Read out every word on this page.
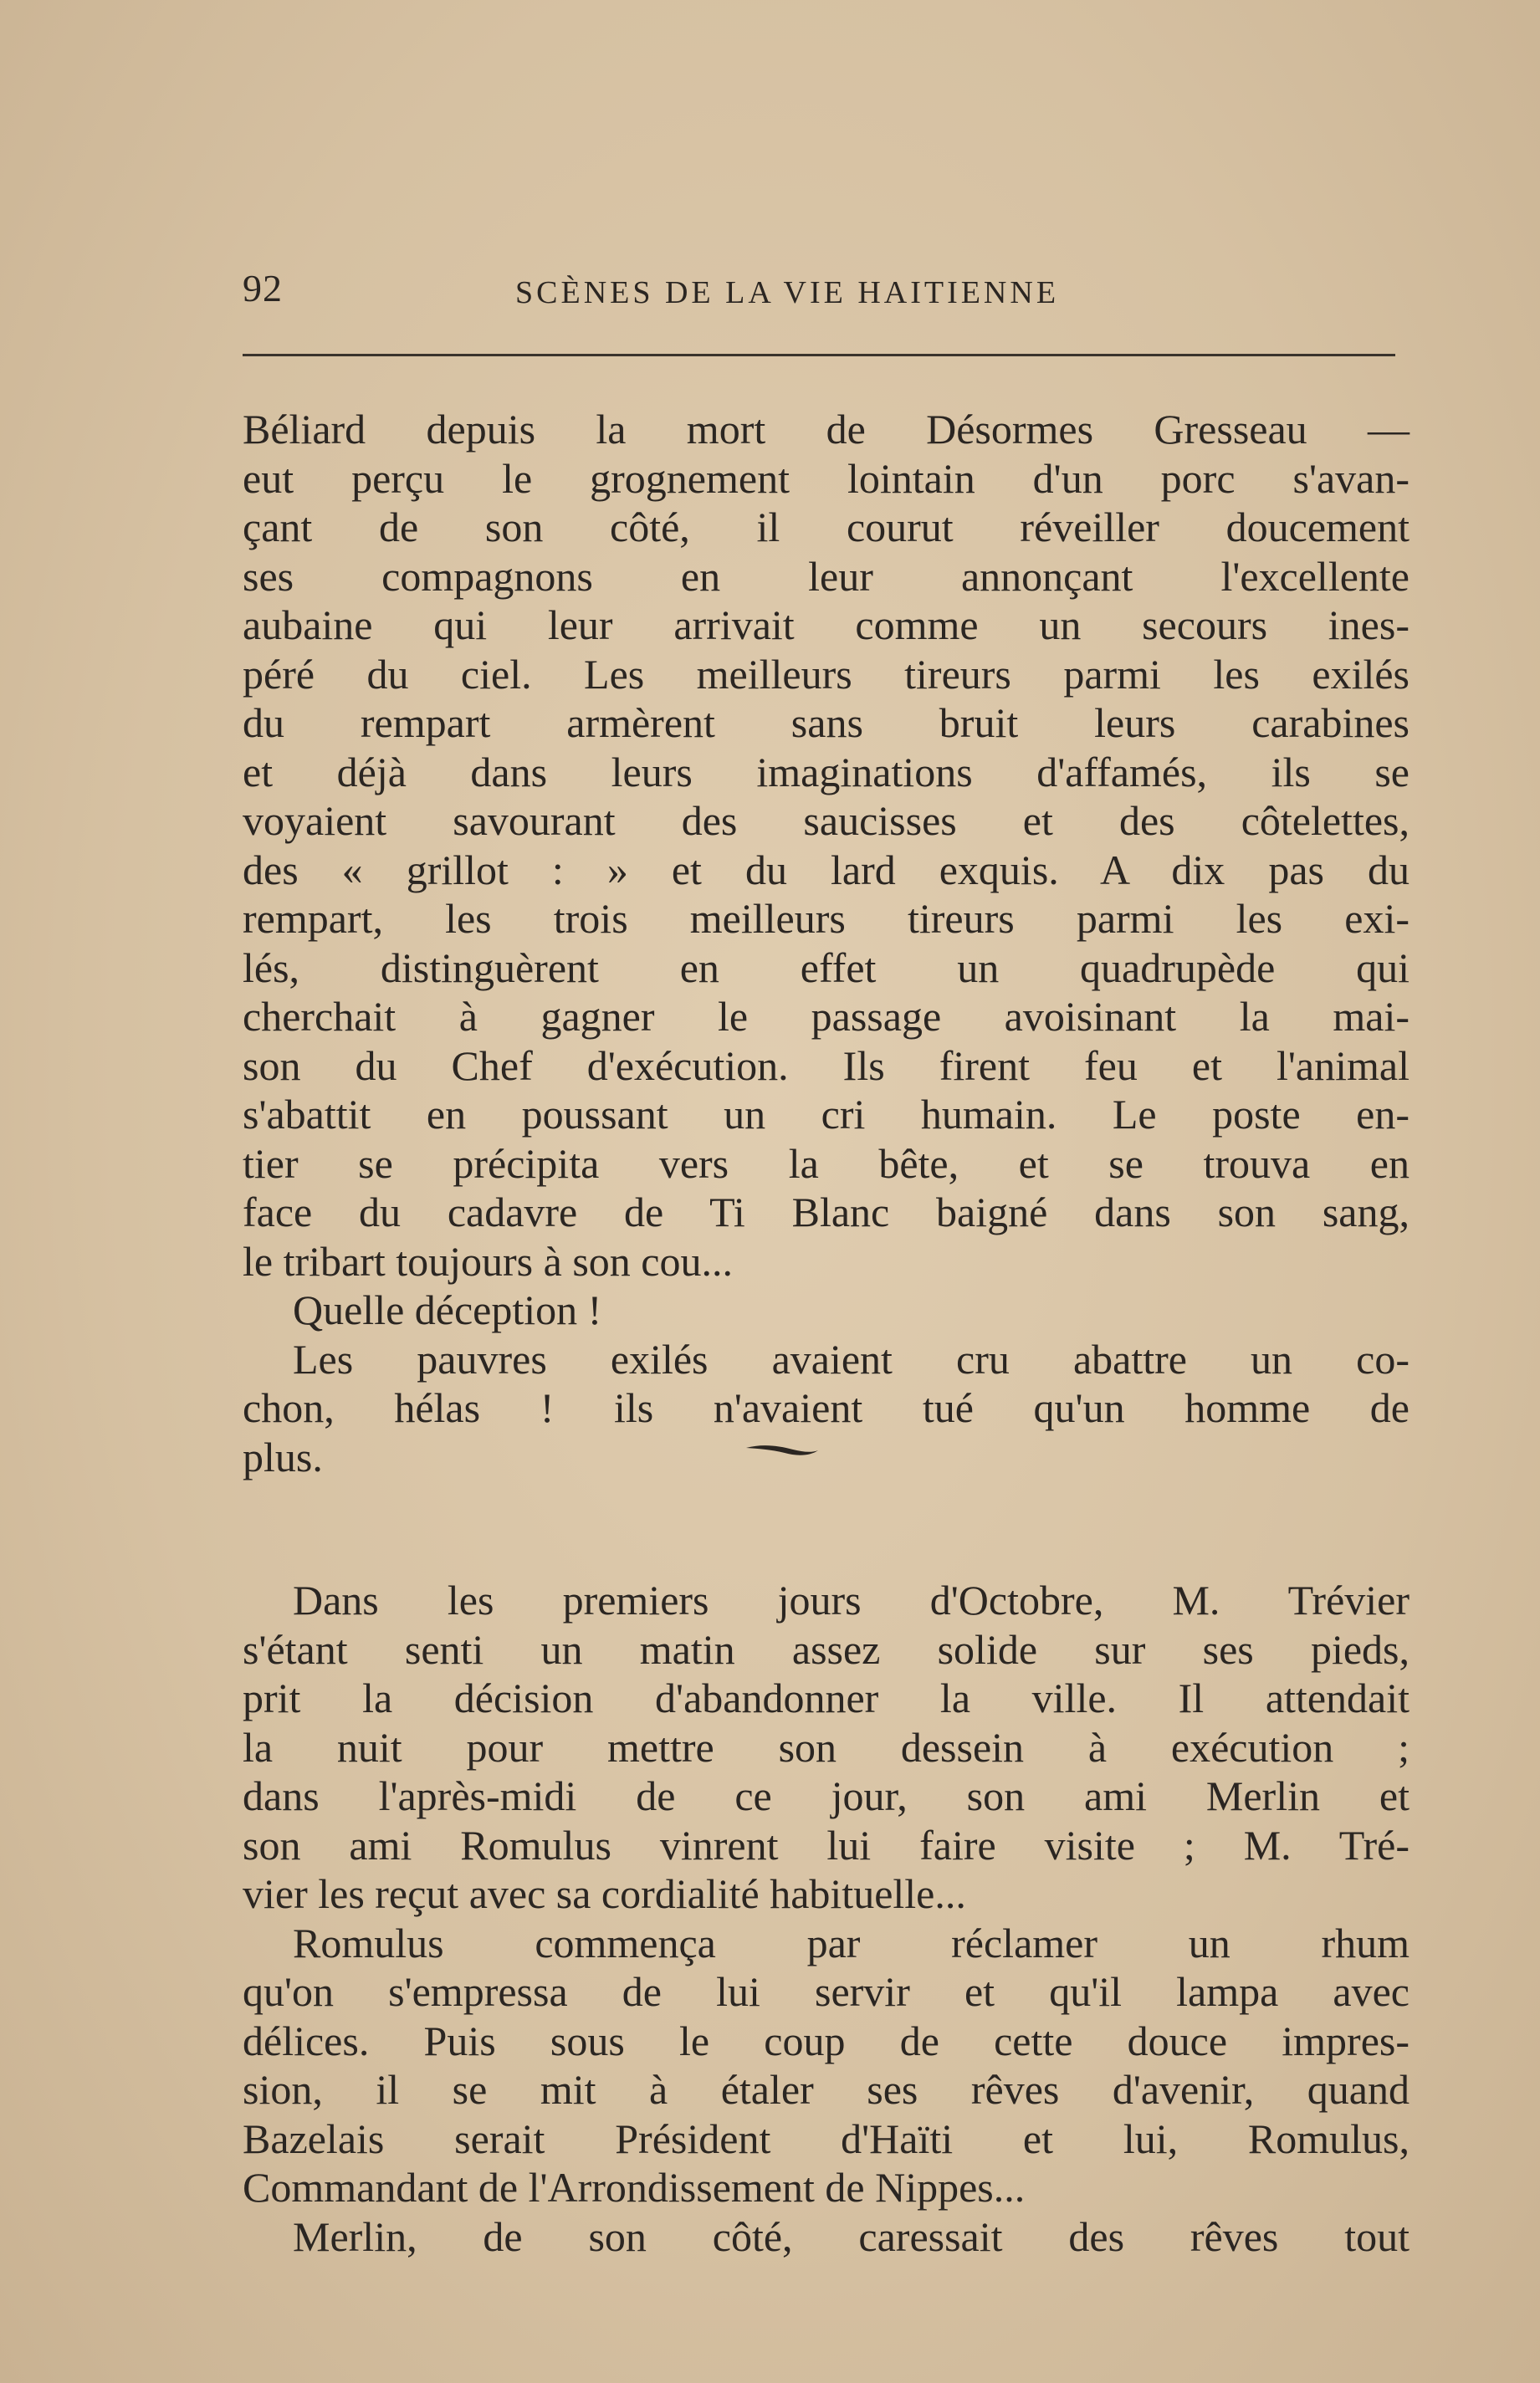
92	SCÈNES DE LA VIE HAITIENNE
Béliard depuis la mort de Désormes Gresseau —
eut perçu le grognement lointain d'un porc s'avan-
çant de son côté, il courut réveiller doucement
ses compagnons en leur annonçant l'excellente
aubaine qui leur arrivait comme un secours ines-
péré du ciel. Les meilleurs tireurs parmi les exilés
du rempart armèrent sans bruit leurs carabines
et déjà dans leurs imaginations d'affamés, ils se
voyaient savourant des saucisses et des côtelettes,
des « grillot : » et du lard exquis. A dix pas du
rempart, les trois meilleurs tireurs parmi les exi-
lés, distinguèrent en effet un quadrupède qui
cherchait à gagner le passage avoisinant la mai-
son du Chef d'exécution. Ils firent feu et l'animal
s'abattit en poussant un cri humain. Le poste en-
tier se précipita vers la bête, et se trouva en
face du cadavre de Ti Blanc baigné dans son sang,
le tribart toujours à son cou...
Quelle déception !
Les pauvres exilés avaient cru abattre un co-
chon, hélas ! ils n'avaient tué qu'un homme de
plus.
Dans les premiers jours d'Octobre, M. Trévier
s'étant senti un matin assez solide sur ses pieds,
prit la décision d'abandonner la ville. Il attendait
la nuit pour mettre son dessein à exécution ;
dans l'après-midi de ce jour, son ami Merlin et
son ami Romulus vinrent lui faire visite ; M. Tré-
vier les reçut avec sa cordialité habituelle...
Romulus commença par réclamer un rhum
qu'on s'empressa de lui servir et qu'il lampa avec
délices. Puis sous le coup de cette douce impres-
sion, il se mit à étaler ses rêves d'avenir, quand
Bazelais serait Président d'Haïti et lui, Romulus,
Commandant de l'Arrondissement de Nippes...
Merlin, de son côté, caressait des rêves tout
